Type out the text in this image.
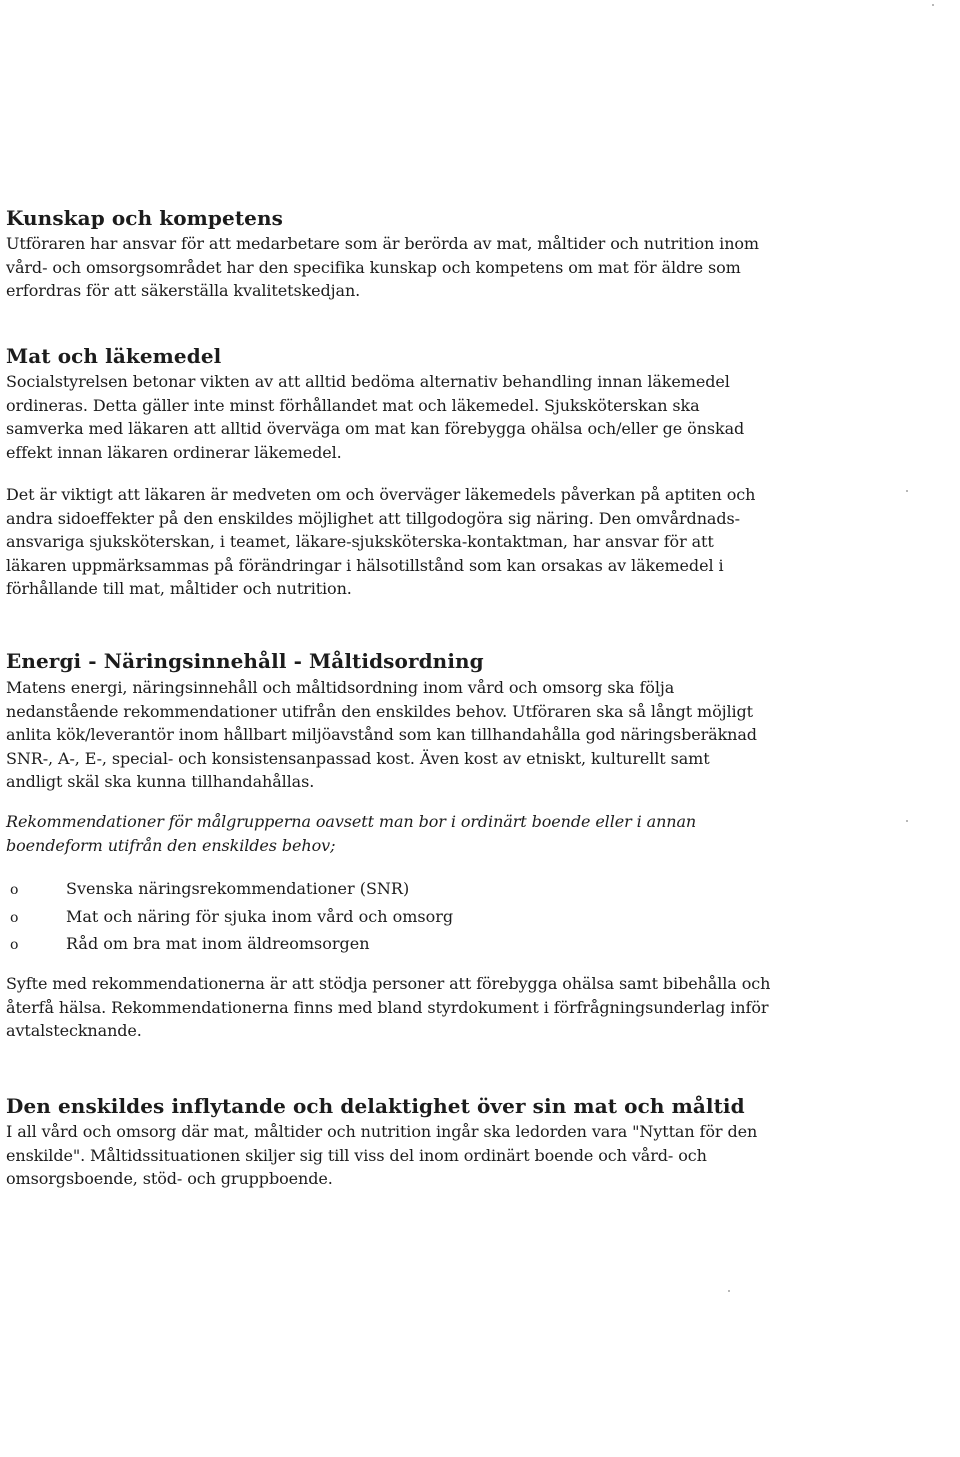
Kunskap och kompetens

Utföraren har ansvar för att medarbetare som är berörda av mat, måltider och nutrition inom
vård- och omsorgsområdet har den specifika kunskap och kompetens om mat för äldre som
erfordras för att säkerställa kvalitetskedjan.

Mat och läkemedel

Socialstyrelsen betonar vikten av att alltid bedöma alternativ behandling innan läkemedel
ordineras. Detta gäller inte minst förhållandet mat och läkemedel. Sjuksköterskan ska
samverka med läkaren att alltid överväga om mat kan förebygga ohälsa och/eller ge önskad
effekt innan läkaren ordinerar läkemedel.

Det är viktigt att läkaren är medveten om och överväger läkemedels påverkan på aptiten och
andra sidoeffekter på den enskildes möjlighet att tillgodogöra sig näring. Den omvårdnads-
ansvariga sjuksköterskan, i teamet, läkare-sjuksköterska-kontaktman, har ansvar för att
läkaren uppmärksammas på förändringar i hälsotillstånd som kan orsakas av läkemedel i
förhållande till mat, måltider och nutrition.

Energi - Näringsinnehåll - Måltidsordning

Matens energi, näringsinnehåll och måltidsordning inom vård och omsorg ska följa
nedanstående rekommendationer utifrån den enskildes behov. Utföraren ska så långt möjligt
anlita kök/leverantör inom hållbart miljöavstånd som kan tillhandahålla god näringsberäknad
SNR-, A-, E-, special- och konsistensanpassad kost. Även kost av etniskt, kulturellt samt
andligt skäl ska kunna tillhandahållas.

Rekommendationer för målgrupperna oavsett man bor i ordinärt boende eller i annan
boendeform utifrån den enskildes behov;

o	Svenska näringsrekommendationer (SNR)
o	Mat och näring för sjuka inom vård och omsorg
o	Råd om bra mat inom äldreomsorgen

Syfte med rekommendationerna är att stödja personer att förebygga ohälsa samt bibehålla och
återfå hälsa. Rekommendationerna finns med bland styrdokument i förfrågningsunderlag inför
avtalstecknande.

Den enskildes inflytande och delaktighet över sin mat och måltid

I all vård och omsorg där mat, måltider och nutrition ingår ska ledorden vara "Nyttan för den
enskilde". Måltidssituationen skiljer sig till viss del inom ordinärt boende och vård- och
omsorgsboende, stöd- och gruppboende.
